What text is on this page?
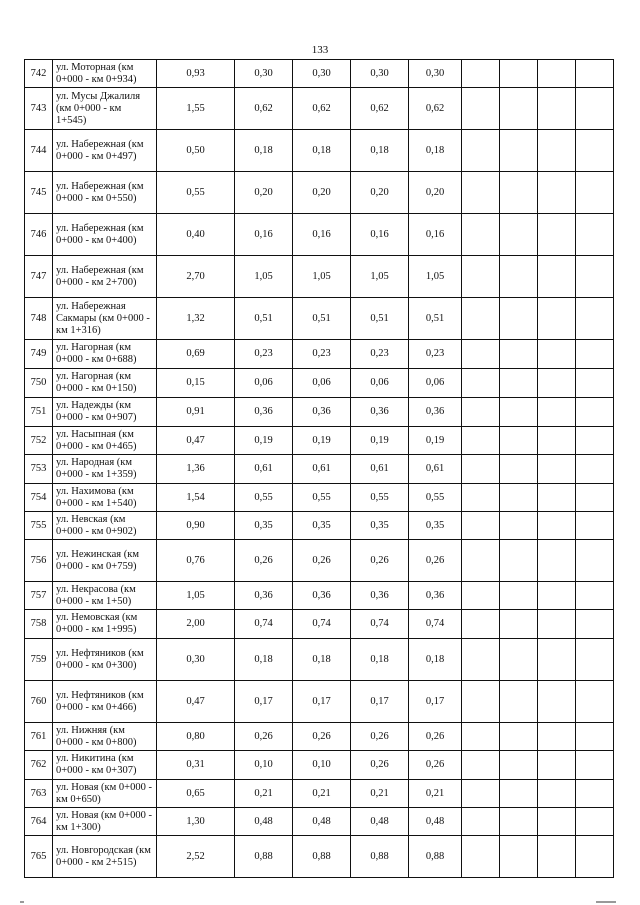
133
742	ул. Моторная (км 0+000 - км 0+934)	0,93	0,30	0,30	0,30	0,30				
743	ул. Мусы Джалиля (км 0+000 - км 1+545)	1,55	0,62	0,62	0,62	0,62				
744	ул. Набережная (км 0+000 - км 0+497)	0,50	0,18	0,18	0,18	0,18				
745	ул. Набережная (км 0+000 - км 0+550)	0,55	0,20	0,20	0,20	0,20				
746	ул. Набережная (км 0+000 - км 0+400)	0,40	0,16	0,16	0,16	0,16				
747	ул. Набережная (км 0+000 - км 2+700)	2,70	1,05	1,05	1,05	1,05				
748	ул. Набережная Сакмары (км 0+000 - км 1+316)	1,32	0,51	0,51	0,51	0,51				
749	ул. Нагорная (км 0+000 - км 0+688)	0,69	0,23	0,23	0,23	0,23				
750	ул. Нагорная (км 0+000 - км 0+150)	0,15	0,06	0,06	0,06	0,06				
751	ул. Надежды (км 0+000 - км 0+907)	0,91	0,36	0,36	0,36	0,36				
752	ул. Насыпная (км 0+000 - км 0+465)	0,47	0,19	0,19	0,19	0,19				
753	ул. Народная (км 0+000 - км 1+359)	1,36	0,61	0,61	0,61	0,61				
754	ул. Нахимова (км 0+000 - км 1+540)	1,54	0,55	0,55	0,55	0,55				
755	ул. Невская (км 0+000 - км 0+902)	0,90	0,35	0,35	0,35	0,35				
756	ул. Нежинская (км 0+000 - км 0+759)	0,76	0,26	0,26	0,26	0,26				
757	ул. Некрасова (км 0+000 - км 1+50)	1,05	0,36	0,36	0,36	0,36				
758	ул. Немовская (км 0+000 - км 1+995)	2,00	0,74	0,74	0,74	0,74				
759	ул. Нефтяников (км 0+000 - км 0+300)	0,30	0,18	0,18	0,18	0,18				
760	ул. Нефтяников (км 0+000 - км 0+466)	0,47	0,17	0,17	0,17	0,17				
761	ул. Нижняя (км 0+000 - км 0+800)	0,80	0,26	0,26	0,26	0,26				
762	ул. Никитина (км 0+000 - км 0+307)	0,31	0,10	0,10	0,26	0,26				
763	ул. Новая (км 0+000 - км 0+650)	0,65	0,21	0,21	0,21	0,21				
764	ул. Новая (км 0+000 - км 1+300)	1,30	0,48	0,48	0,48	0,48				
765	ул. Новгородская (км 0+000 - км 2+515)	2,52	0,88	0,88	0,88	0,88				
